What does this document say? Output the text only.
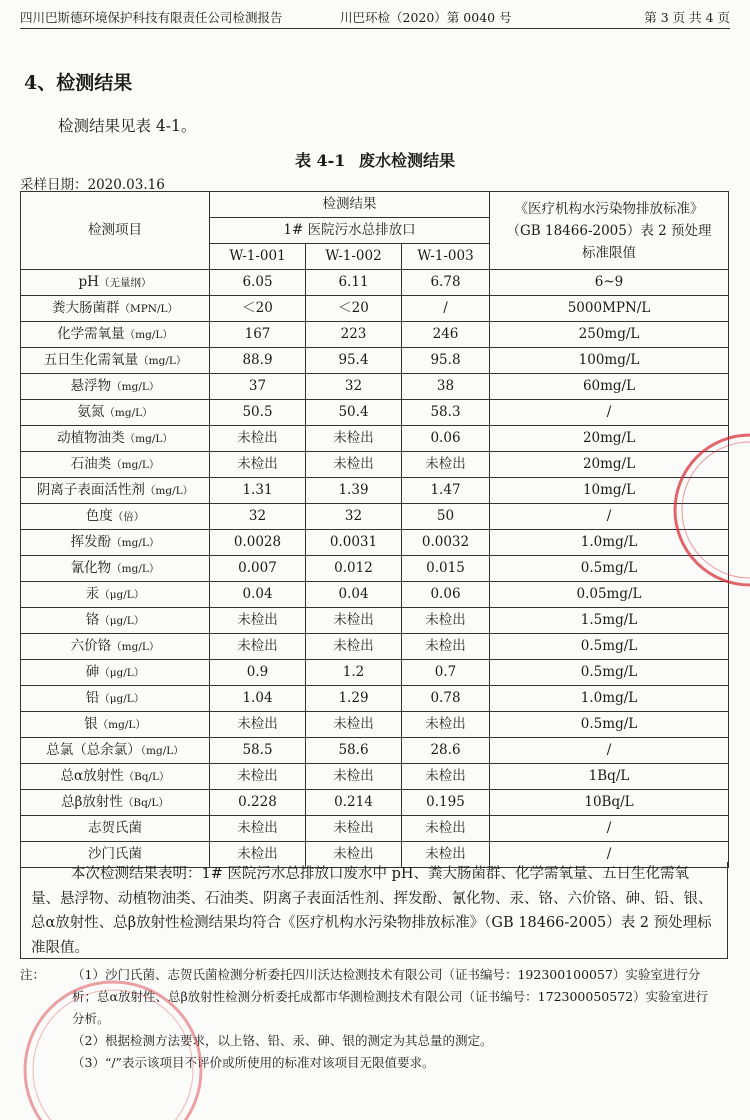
四川巴斯德环境保护科技有限责任公司检测报告	川巴环检（2020）第 0040 号	第 3 页 共 4 页
4、检测结果
检测结果见表 4-1。
表 4-1 废水检测结果
采样日期：2020.03.16
检测项目	检测结果			《医疗机构水污染物排放标准》（GB 18466-2005）表 2 预处理标准限值
	1# 医院污水总排放口			
	W-1-001	W-1-002	W-1-003	
pH（无量纲）	6.05	6.11	6.78	6~9
粪大肠菌群（MPN/L）	＜20	＜20	/	5000MPN/L
化学需氧量（mg/L）	167	223	246	250mg/L
五日生化需氧量（mg/L）	88.9	95.4	95.8	100mg/L
悬浮物（mg/L）	37	32	38	60mg/L
氨氮（mg/L）	50.5	50.4	58.3	/
动植物油类（mg/L）	未检出	未检出	0.06	20mg/L
石油类（mg/L）	未检出	未检出	未检出	20mg/L
阴离子表面活性剂（mg/L）	1.31	1.39	1.47	10mg/L
色度（倍）	32	32	50	/
挥发酚（mg/L）	0.0028	0.0031	0.0032	1.0mg/L
氰化物（mg/L）	0.007	0.012	0.015	0.5mg/L
汞（μg/L）	0.04	0.04	0.06	0.05mg/L
铬（μg/L）	未检出	未检出	未检出	1.5mg/L
六价铬（mg/L）	未检出	未检出	未检出	0.5mg/L
砷（μg/L）	0.9	1.2	0.7	0.5mg/L
铅（μg/L）	1.04	1.29	0.78	1.0mg/L
银（mg/L）	未检出	未检出	未检出	0.5mg/L
总氯（总余氯）（mg/L）	58.5	58.6	28.6	/
总α放射性（Bq/L）	未检出	未检出	未检出	1Bq/L
总β放射性（Bq/L）	0.228	0.214	0.195	10Bq/L
志贺氏菌	未检出	未检出	未检出	/
沙门氏菌	未检出	未检出	未检出	/
本次检测结果表明：1# 医院污水总排放口废水中 pH、粪大肠菌群、化学需氧量、五日生化需氧量、悬浮物、动植物油类、石油类、阴离子表面活性剂、挥发酚、氰化物、汞、铬、六价铬、砷、铅、银、总α放射性、总β放射性检测结果均符合《医疗机构水污染物排放标准》（GB 18466-2005）表 2 预处理标准限值。
注： （1）沙门氏菌、志贺氏菌检测分析委托四川沃达检测技术有限公司（证书编号：192300100057）实验室进行分析；总α放射性、总β放射性检测分析委托成都市华测检测技术有限公司（证书编号：172300050572）实验室进行分析。
（2）根据检测方法要求，以上铬、铅、汞、砷、银的测定为其总量的测定。
（3）“/”表示该项目不评价或所使用的标准对该项目无限值要求。
